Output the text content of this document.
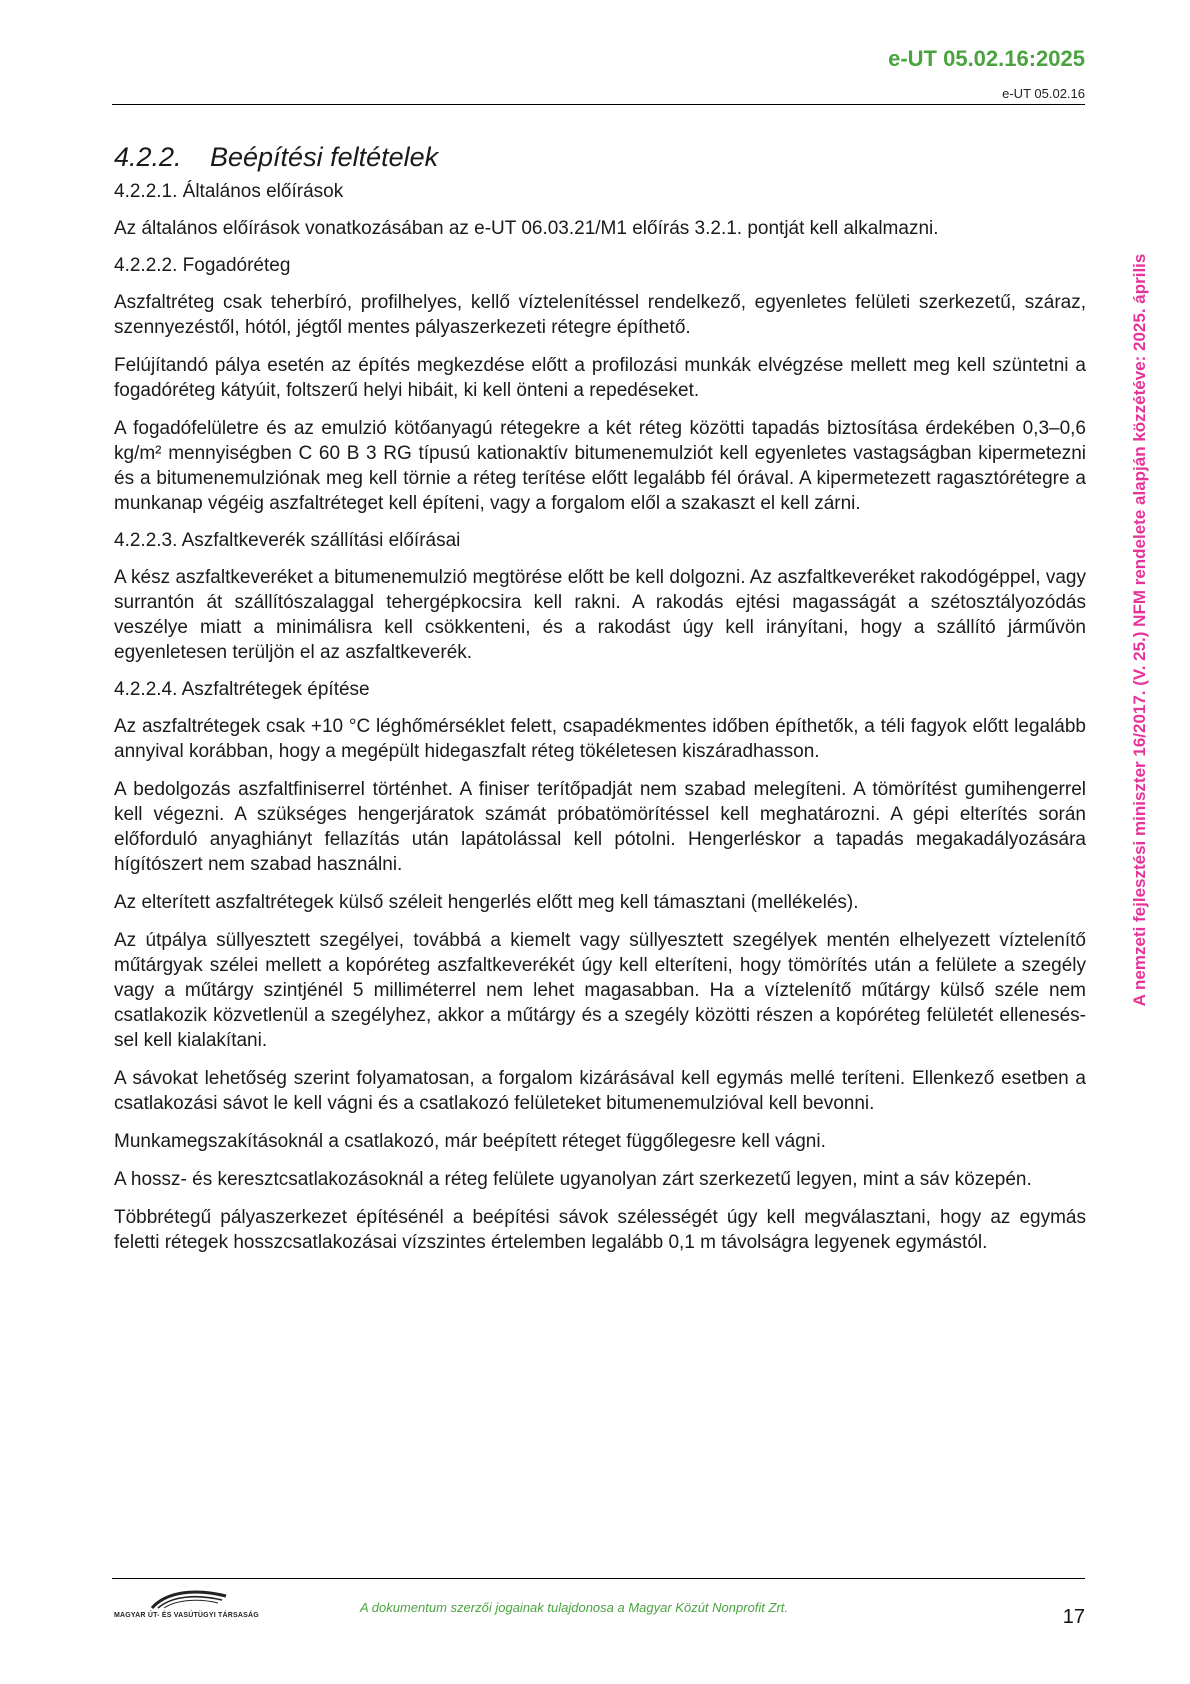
e-UT 05.02.16:2025
e-UT 05.02.16
A nemzeti fejlesztési miniszter 16/2017. (V. 25.) NFM rendelete alapján közzétéve: 2025. április
4.2.2. Beépítési feltételek
4.2.2.1. Általános előírások
Az általános előírások vonatkozásában az e-UT 06.03.21/M1 előírás 3.2.1. pontját kell alkalmazni.
4.2.2.2. Fogadóréteg
Aszfaltréteg csak teherbíró, profilhelyes, kellő víztelenítéssel rendelkező, egyenletes felületi szerkezetű, száraz, szennyezéstől, hótól, jégtől mentes pályaszerkezeti rétegre építhető.
Felújítandó pálya esetén az építés megkezdése előtt a profilozási munkák elvégzése mellett meg kell szüntetni a fogadóréteg kátyúit, foltszerű helyi hibáit, ki kell önteni a repedéseket.
A fogadófelületre és az emulzió kötőanyagú rétegekre a két réteg közötti tapadás biztosítása érdekében 0,3–0,6 kg/m² mennyiségben C 60 B 3 RG típusú kationaktív bitumenemulziót kell egyenletes vastagságban kipermetezni és a bitumenemulziónak meg kell törnie a réteg terítése előtt legalább fél órával. A kipermetezett ragasztórétegre a munkanap végéig aszfaltréteget kell építeni, vagy a forgalom elől a szakaszt el kell zárni.
4.2.2.3. Aszfaltkeverék szállítási előírásai
A kész aszfaltkeveréket a bitumenemulzió megtörése előtt be kell dolgozni. Az aszfaltkeveréket rakodógéppel, vagy surrantón át szállítószalaggal tehergépkocsira kell rakni. A rakodás ejtési magasságát a szétosztályozódás veszélye miatt a minimálisra kell csökkenteni, és a rakodást úgy kell irányítani, hogy a szállító járművön egyenletesen terüljön el az aszfaltkeverék.
4.2.2.4. Aszfaltrétegek építése
Az aszfaltrétegek csak +10 °C léghőmérséklet felett, csapadékmentes időben építhetők, a téli fagyok előtt legalább annyival korábban, hogy a megépült hidegaszfalt réteg tökéletesen kiszáradhasson.
A bedolgozás aszfaltfiniserrel történhet. A finiser terítőpadját nem szabad melegíteni. A tömörítést gumihengerrel kell végezni. A szükséges hengerjáratok számát próbatömörítéssel kell meghatározni. A gépi elterítés során előforduló anyaghiányt fellazítás után lapátolással kell pótolni. Hengerléskor a tapadás megakadályozására hígítószert nem szabad használni.
Az elterített aszfaltrétegek külső széleit hengerlés előtt meg kell támasztani (mellékelés).
Az útpálya süllyesztett szegélyei, továbbá a kiemelt vagy süllyesztett szegélyek mentén elhelyezett víztelenítő műtárgyak szélei mellett a kopóréteg aszfaltkeverékét úgy kell elteríteni, hogy tömörítés után a felülete a szegély vagy a műtárgy szintjénél 5 milliméterrel nem lehet magasabban. Ha a víztelenítő műtárgy külső széle nem csatlakozik közvetlenül a szegélyhez, akkor a műtárgy és a szegély közötti részen a kopóréteg felületét elleneséssel kell kialakítani.
A sávokat lehetőség szerint folyamatosan, a forgalom kizárásával kell egymás mellé teríteni. Ellenkező esetben a csatlakozási sávot le kell vágni és a csatlakozó felületeket bitumenemulzióval kell bevonni.
Munkamegszakításoknál a csatlakozó, már beépített réteget függőlegesre kell vágni.
A hossz- és keresztcsatlakozásoknál a réteg felülete ugyanolyan zárt szerkezetű legyen, mint a sáv közepén.
Többrétegű pályaszerkezet építésénél a beépítési sávok szélességét úgy kell megválasztani, hogy az egymás feletti rétegek hosszcsatlakozásai vízszintes értelemben legalább 0,1 m távolságra legyenek egymástól.
MAGYAR ÚT- ÉS VASÚTÜGYI TÁRSASÁG
A dokumentum szerzői jogainak tulajdonosa a Magyar Közút Nonprofit Zrt.	17
